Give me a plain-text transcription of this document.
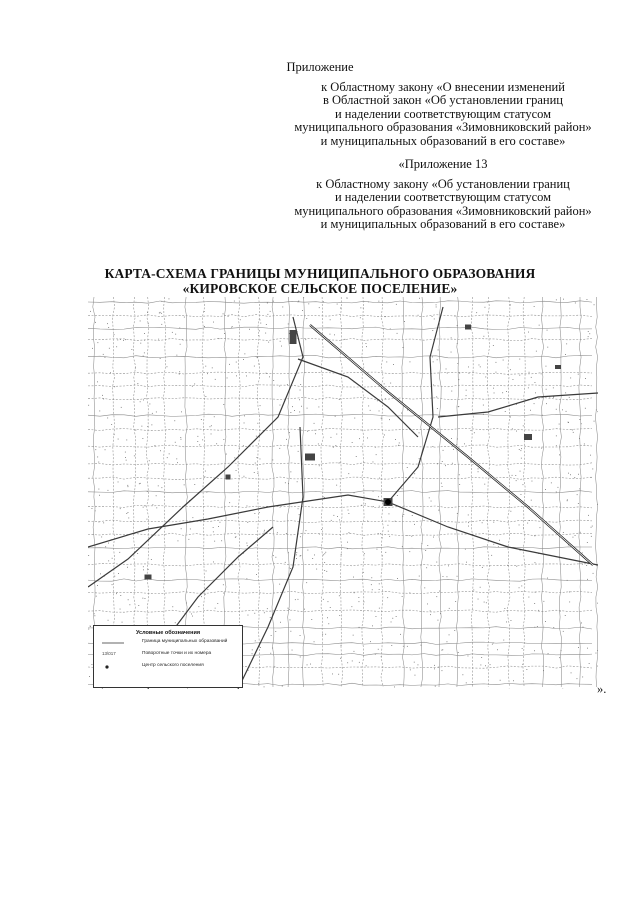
Приложение

к Областному закону «О внесении изменений

в Областной закон «Об установлении границ

и наделении соответствующим статусом

муниципального образования «Зимовниковский район»

и муниципальных образований в его составе»

«Приложение 13

к Областному закону «Об установлении границ

и наделении соответствующим статусом

муниципального образования «Зимовниковский район»

и муниципальных образований в его составе»

КАРТА-СХЕМА ГРАНИЦЫ МУНИЦИПАЛЬНОГО ОБРАЗОВАНИЯ

«КИРОВСКОЕ СЕЛЬСКОЕ ПОСЕЛЕНИЕ»

Условные обозначения
Граница муниципальных образований
13\017	Поворотные точки и их номера
Центр сельского поселения
».
